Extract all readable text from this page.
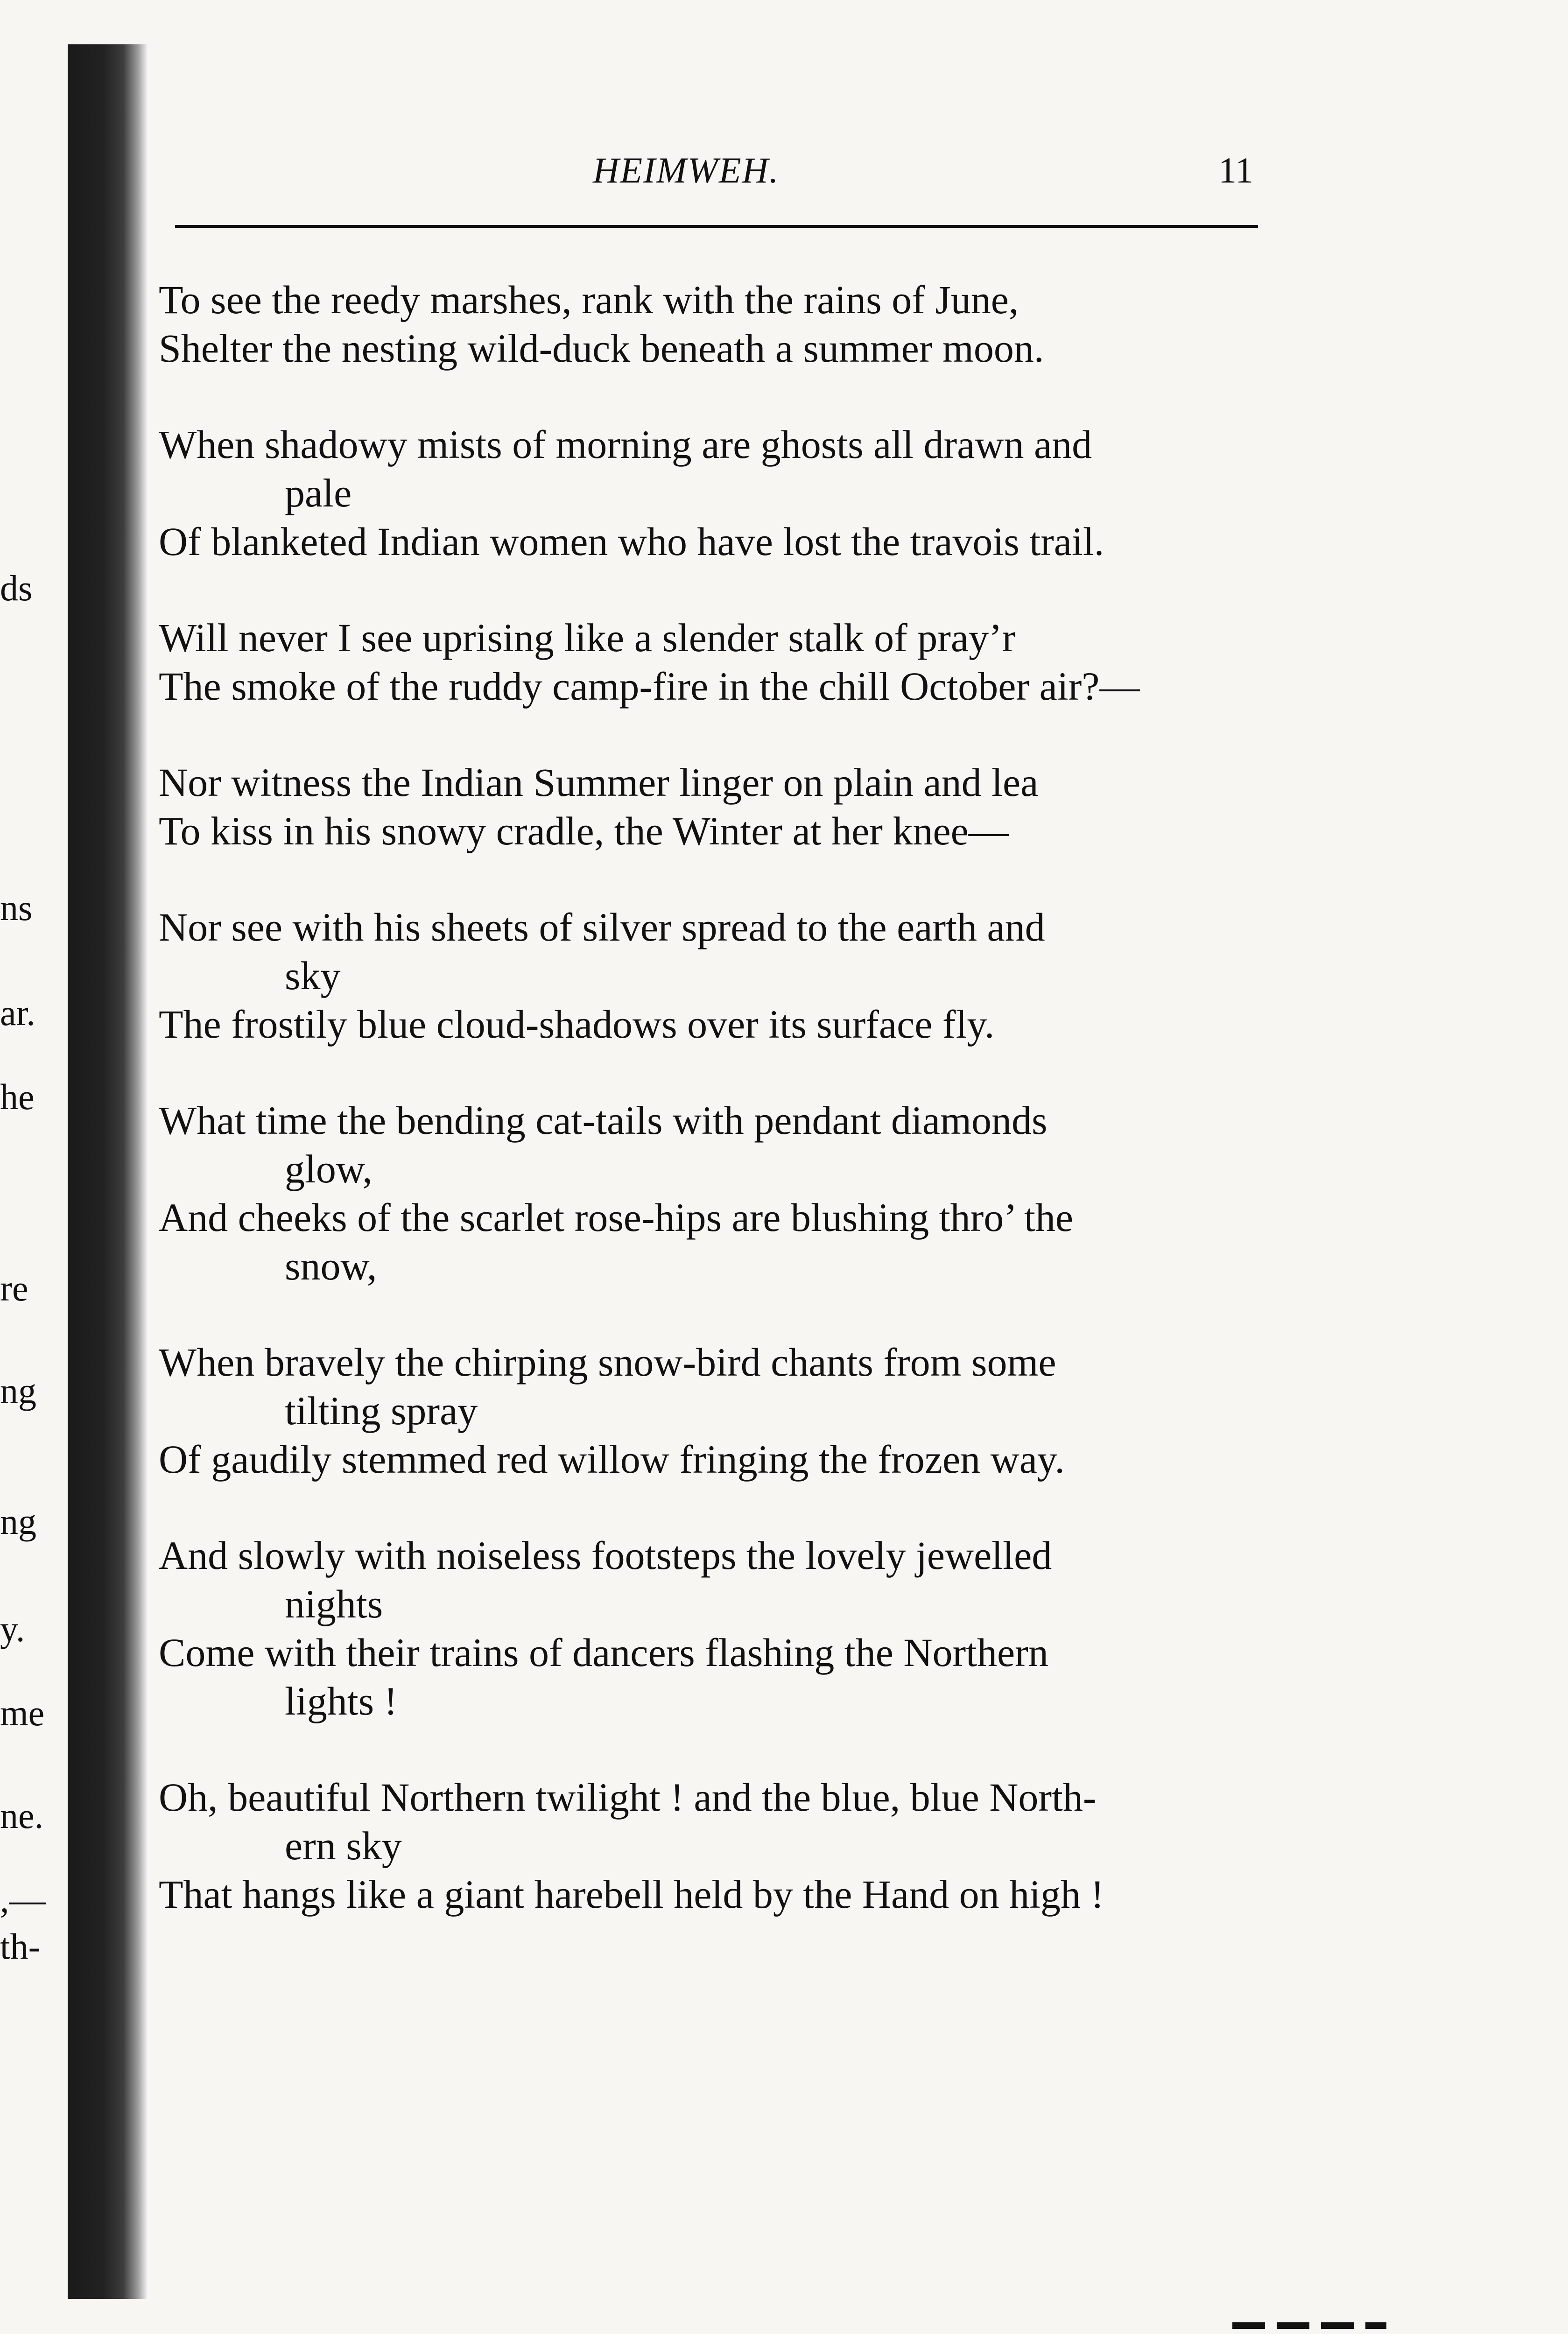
ds
ns
ar.
he
re
ng
ng
y.
me
ne.
,—
th-
HEIMWEH.	11
To see the reedy marshes, rank with the rains of June,
Shelter the nesting wild-duck beneath a summer moon.
When shadowy mists of morning are ghosts all drawn and
pale
Of blanketed Indian women who have lost the travois trail.
Will never I see uprising like a slender stalk of pray’r
The smoke of the ruddy camp-fire in the chill October air?—
Nor witness the Indian Summer linger on plain and lea
To kiss in his snowy cradle, the Winter at her knee—
Nor see with his sheets of silver spread to the earth and
sky
The frostily blue cloud-shadows over its surface fly.
What time the bending cat-tails with pendant diamonds
glow,
And cheeks of the scarlet rose-hips are blushing thro’ the
snow,
When bravely the chirping snow-bird chants from some
tilting spray
Of gaudily stemmed red willow fringing the frozen way.
And slowly with noiseless footsteps the lovely jewelled
nights
Come with their trains of dancers flashing the Northern
lights !
Oh, beautiful Northern twilight ! and the blue, blue North-
ern sky
That hangs like a giant harebell held by the Hand on high !
